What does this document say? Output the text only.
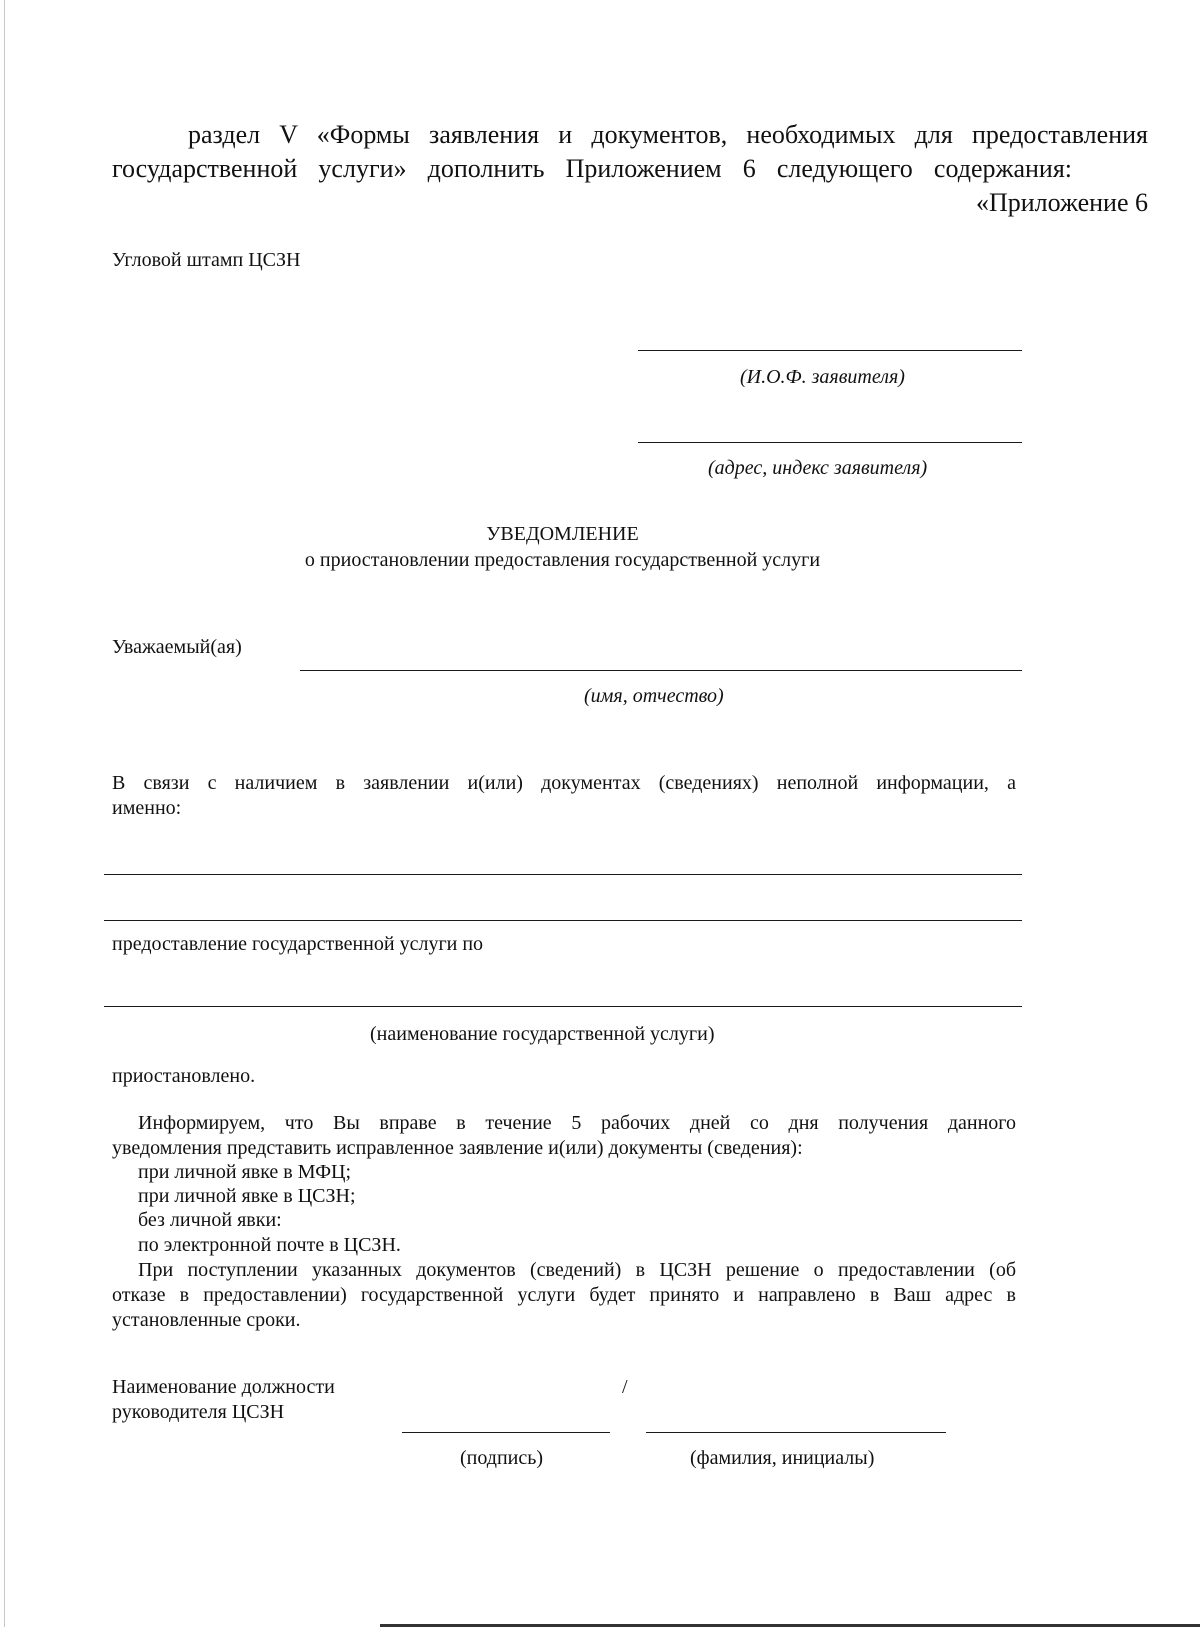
раздел V «Формы заявления и документов, необходимых для предоставления
государственной услуги» дополнить Приложением 6 следующего содержания:
«Приложение 6
Угловой штамп ЦСЗН
(И.О.Ф. заявителя)
(адрес, индекс заявителя)
УВЕДОМЛЕНИЕ
о приостановлении предоставления государственной услуги
Уважаемый(ая)
(имя, отчество)
В связи с наличием в заявлении и(или) документах (сведениях) неполной информации, а
именно:
предоставление государственной услуги по
(наименование государственной услуги)
приостановлено.
Информируем, что Вы вправе в течение 5 рабочих дней со дня получения данного
уведомления представить исправленное заявление и(или) документы (сведения):
при личной явке в МФЦ;
при личной явке в ЦСЗН;
без личной явки:
по электронной почте в ЦСЗН.
При поступлении указанных документов (сведений) в ЦСЗН решение о предоставлении (об
отказе в предоставлении) государственной услуги будет принято и направлено в Ваш адрес в
установленные сроки.
Наименование должности
руководителя ЦСЗН
/
(подпись)	(фамилия, инициалы)
